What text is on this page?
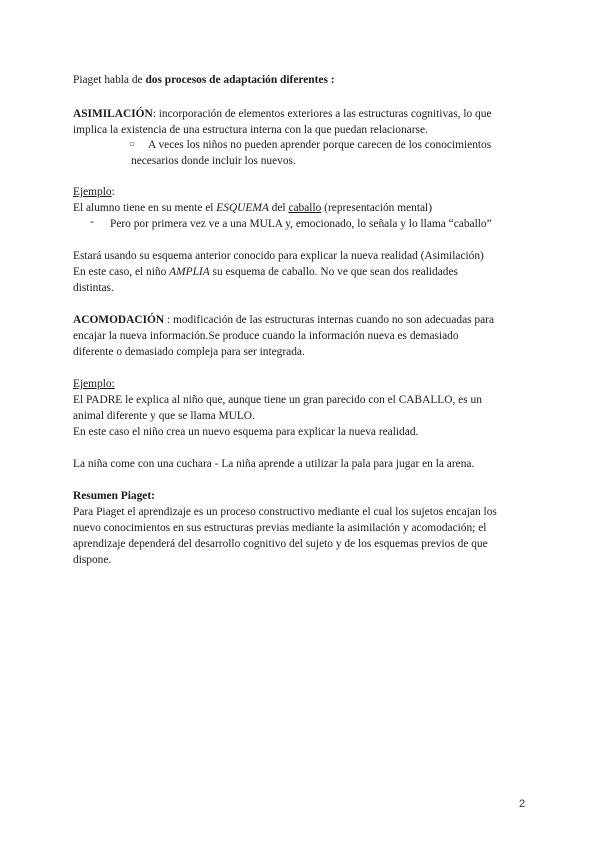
Piaget habla de dos procesos de adaptación diferentes :
ASIMILACIÓN: incorporación de elementos exteriores a las estructuras cognitivas, lo que
implica la existencia de una estructura interna con la que puedan relacionarse.
○ A veces los niños no pueden aprender porque carecen de los conocimientos
necesarios donde incluir los nuevos.
Ejemplo:
El alumno tiene en su mente el ESQUEMA del caballo (representación mental)
- Pero por primera vez ve a una MULA y, emocionado, lo señala y lo llama “caballo”
Estará usando su esquema anterior conocido para explicar la nueva realidad (Asimilación)
En este caso, el niño AMPLIA su esquema de caballo. No ve que sean dos realidades
distintas.
ACOMODACIÓN : modificación de las estructuras internas cuando no son adecuadas para
encajar la nueva información.Se produce cuando la información nueva es demasiado
diferente o demasiado compleja para ser integrada.
Ejemplo:
El PADRE le explica al niño que, aunque tiene un gran parecido con el CABALLO, es un
animal diferente y que se llama MULO.
En este caso el niño crea un nuevo esquema para explicar la nueva realidad.
La niña come con una cuchara - La niña aprende a utilizar la pala para jugar en la arena.
Resumen Piaget:
Para Piaget el aprendizaje es un proceso constructivo mediante el cual los sujetos encajan los
nuevo conocimientos en sus estructuras previas mediante la asimilación y acomodación; el
aprendizaje dependerá del desarrollo cognitivo del sujeto y de los esquemas previos de que
dispone.
2
